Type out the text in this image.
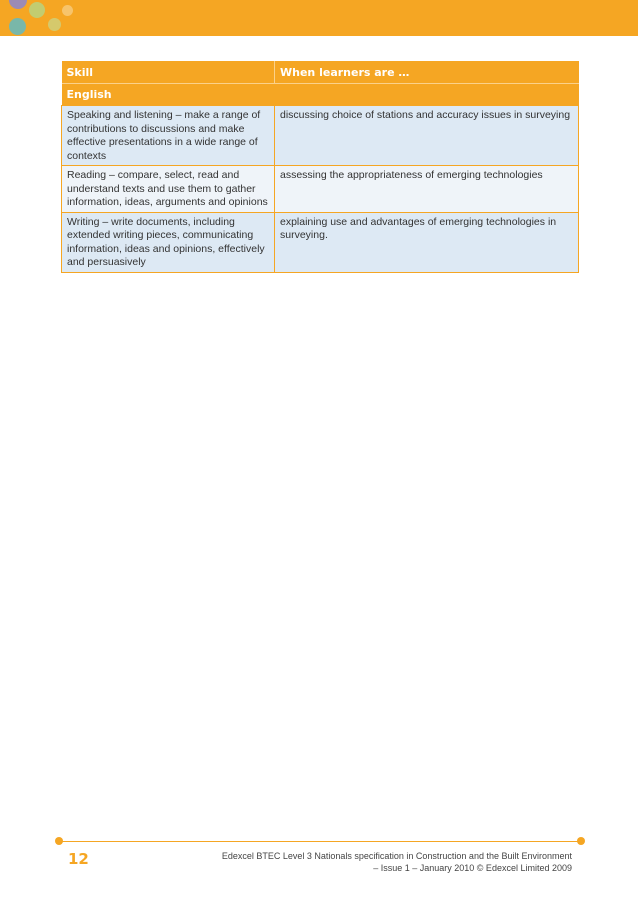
Skill	When learners are …
English	
Speaking and listening – make a range of contributions to discussions and make effective presentations in a wide range of contexts	discussing choice of stations and accuracy issues in surveying
Reading – compare, select, read and understand texts and use them to gather information, ideas, arguments and opinions	assessing the appropriateness of emerging technologies
Writing – write documents, including extended writing pieces, communicating information, ideas and opinions, effectively and persuasively	explaining use and advantages of emerging technologies in surveying.
12	Edexcel BTEC Level 3 Nationals specification in Construction and the Built Environment
– Issue 1 – January 2010 © Edexcel Limited 2009
